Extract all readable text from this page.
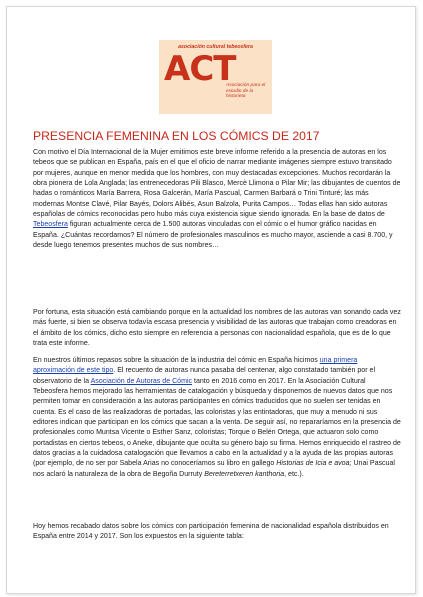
asociación cultural tebeosfera
ACT
Asociación para el estudio de la historieta
PRESENCIA FEMENINA EN LOS CÓMICS DE 2017
Con motivo el Día Internacional de la Mujer emitimos este breve informe referido a la presencia de autoras en los tebeos que se publican en España, país en el que el oficio de narrar mediante imágenes siempre estuvo transitado por mujeres, aunque en menor medida que los hombres, con muy destacadas excepciones. Muchos recordarán la obra pionera de Lola Anglada; las entrenecedoras Pili Blasco, Mercè Llimona o Pilar Mir; las dibujantes de cuentos de hadas o románticos María Barrera, Rosa Galcerán, María Pascual, Carmen Barbará o Trini Tinturé; las más modernas Montse Clavé, Pilar Bayés, Dolors Alibés, Asun Balzola, Purita Campos… Todas ellas han sido autoras españolas de cómics reconocidas pero hubo más cuya existencia sigue siendo ignorada. En la base de datos de Tebeosfera figuran actualmente cerca de 1.500 autoras vinculadas con el cómic o el humor gráfico nacidas en España. ¿Cuántas recordamos? El número de profesionales masculinos es mucho mayor, asciende a casi 8.700, y desde luego tenemos presentes muchos de sus nombres…
Por fortuna, esta situación está cambiando porque en la actualidad los nombres de las autoras van sonando cada vez más fuerte, si bien se observa todavía escasa presencia y visibilidad de las autoras que trabajan como creadoras en el ámbito de los cómics, dicho esto siempre en referencia a personas con nacionalidad española, que es de lo que trata este informe.
En nuestros últimos repasos sobre la situación de la industria del cómic en España hicimos una primera aproximación de este tipo. El recuento de autoras nunca pasaba del centenar, algo constatado también por el observatorio de la Asociación de Autoras de Cómic tanto en 2016 como en 2017. En la Asociación Cultural Tebeosfera hemos mejorado las herramientas de catalogación y búsqueda y disponemos de nuevos datos que nos permiten tomar en consideración a las autoras participantes en cómics traducidos que no suelen ser tenidas en cuenta. Es el caso de las realizadoras de portadas, las coloristas y las entintadoras, que muy a menudo ni sus editores indican que participan en los cómics que sacan a la venta. De seguir así, no repararíamos en la presencia de profesionales como Muntsa Vicente o Esther Sanz, coloristas; Torque o Belén Ortega, que actuaron solo como portadistas en ciertos tebeos, o Aneke, dibujante que oculta su género bajo su firma. Hemos enriquecido el rastreo de datos gracias a la cuidadosa catalogación que llevamos a cabo en la actualidad y a la ayuda de las propias autoras (por ejemplo, de no ser por Sabela Arias no conoceríamos su libro en gallego Historias de Icia e avoa; Unai Pascual nos aclaró la naturaleza de la obra de Begoña Durruty Bereterretxeren kanthoria, etc.).
Hoy hemos recabado datos sobre los cómics con participación femenina de nacionalidad española distribuidos en España entre 2014 y 2017. Son los expuestos en la siguiente tabla:
